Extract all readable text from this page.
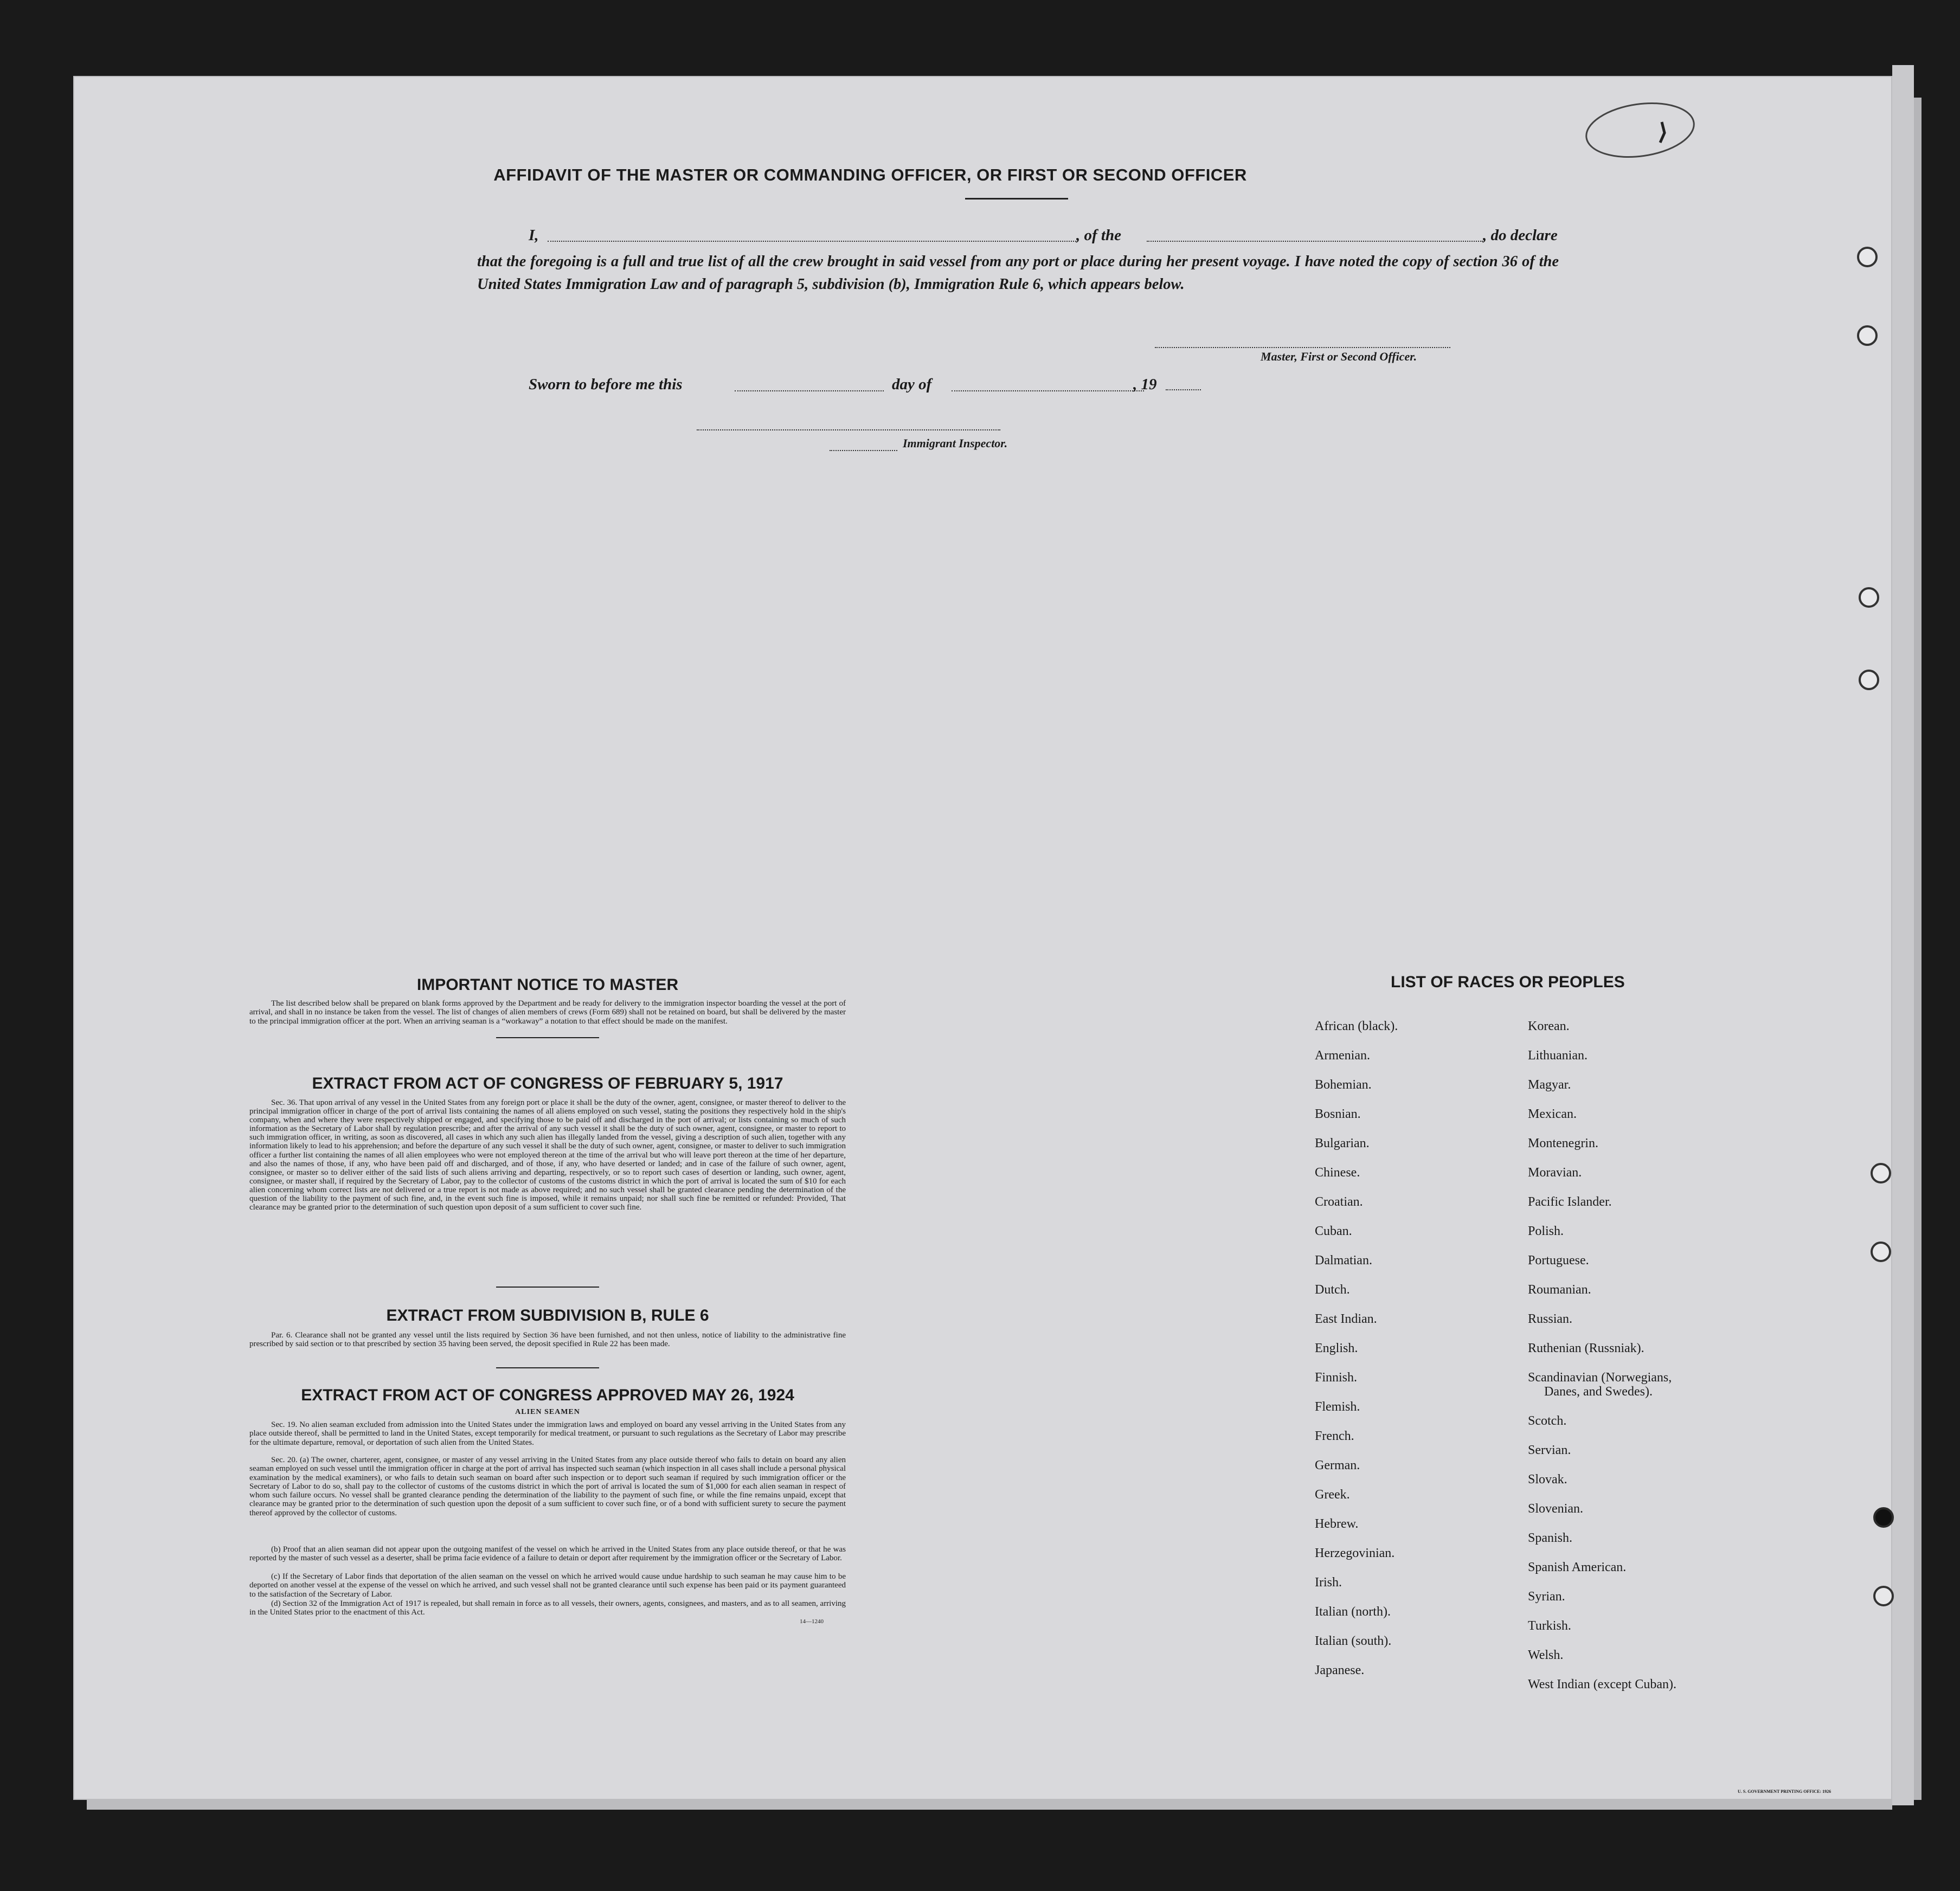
AFFIDAVIT OF THE MASTER OR COMMANDING OFFICER, OR FIRST OR SECOND OFFICER
I,	, of the	, do declare
that the foregoing is a full and true list of all the crew brought in said vessel from any port or place during her present voyage. I have noted the copy of section 36 of the United States Immigration Law and of paragraph 5, subdivision (b), Immigration Rule 6, which appears below.
Master, First or Second Officer.
Sworn to before me this	day of	, 19
Immigrant Inspector.
IMPORTANT NOTICE TO MASTER
The list described below shall be prepared on blank forms approved by the Department and be ready for delivery to the immigration inspector boarding the vessel at the port of arrival, and shall in no instance be taken from the vessel. The list of changes of alien members of crews (Form 689) shall not be retained on board, but shall be delivered by the master to the principal immigration officer at the port. When an arriving seaman is a “workaway” a notation to that effect should be made on the manifest.
EXTRACT FROM ACT OF CONGRESS OF FEBRUARY 5, 1917
Sec. 36. That upon arrival of any vessel in the United States from any foreign port or place it shall be the duty of the owner, agent, consignee, or master thereof to deliver to the principal immigration officer in charge of the port of arrival lists containing the names of all aliens employed on such vessel, stating the positions they respectively hold in the ship's company, when and where they were respectively shipped or engaged, and specifying those to be paid off and discharged in the port of arrival; or lists containing so much of such information as the Secretary of Labor shall by regulation prescribe; and after the arrival of any such vessel it shall be the duty of such owner, agent, consignee, or master to report to such immigration officer, in writing, as soon as discovered, all cases in which any such alien has illegally landed from the vessel, giving a description of such alien, together with any information likely to lead to his apprehension; and before the departure of any such vessel it shall be the duty of such owner, agent, consignee, or master to deliver to such immigration officer a further list containing the names of all alien employees who were not employed thereon at the time of the arrival but who will leave port thereon at the time of her departure, and also the names of those, if any, who have been paid off and discharged, and of those, if any, who have deserted or landed; and in case of the failure of such owner, agent, consignee, or master so to deliver either of the said lists of such aliens arriving and departing, respectively, or so to report such cases of desertion or landing, such owner, agent, consignee, or master shall, if required by the Secretary of Labor, pay to the collector of customs of the customs district in which the port of arrival is located the sum of $10 for each alien concerning whom correct lists are not delivered or a true report is not made as above required; and no such vessel shall be granted clearance pending the determination of the question of the liability to the payment of such fine, and, in the event such fine is imposed, while it remains unpaid; nor shall such fine be remitted or refunded: Provided, That clearance may be granted prior to the determination of such question upon deposit of a sum sufficient to cover such fine.
EXTRACT FROM SUBDIVISION B, RULE 6
Par. 6. Clearance shall not be granted any vessel until the lists required by Section 36 have been furnished, and not then unless, notice of liability to the administrative fine prescribed by said section or to that prescribed by section 35 having been served, the deposit specified in Rule 22 has been made.
EXTRACT FROM ACT OF CONGRESS APPROVED MAY 26, 1924
ALIEN SEAMEN
Sec. 19. No alien seaman excluded from admission into the United States under the immigration laws and employed on board any vessel arriving in the United States from any place outside thereof, shall be permitted to land in the United States, except temporarily for medical treatment, or pursuant to such regulations as the Secretary of Labor may prescribe for the ultimate departure, removal, or deportation of such alien from the United States.
Sec. 20. (a) The owner, charterer, agent, consignee, or master of any vessel arriving in the United States from any place outside thereof who fails to detain on board any alien seaman employed on such vessel until the immigration officer in charge at the port of arrival has inspected such seaman (which inspection in all cases shall include a personal physical examination by the medical examiners), or who fails to detain such seaman on board after such inspection or to deport such seaman if required by such immigration officer or the Secretary of Labor to do so, shall pay to the collector of customs of the customs district in which the port of arrival is located the sum of $1,000 for each alien seaman in respect of whom such failure occurs. No vessel shall be granted clearance pending the determination of the liability to the payment of such fine, or while the fine remains unpaid, except that clearance may be granted prior to the determination of such question upon the deposit of a sum sufficient to cover such fine, or of a bond with sufficient surety to secure the payment thereof approved by the collector of customs.
(b) Proof that an alien seaman did not appear upon the outgoing manifest of the vessel on which he arrived in the United States from any place outside thereof, or that he was reported by the master of such vessel as a deserter, shall be prima facie evidence of a failure to detain or deport after requirement by the immigration officer or the Secretary of Labor.
(c) If the Secretary of Labor finds that deportation of the alien seaman on the vessel on which he arrived would cause undue hardship to such seaman he may cause him to be deported on another vessel at the expense of the vessel on which he arrived, and such vessel shall not be granted clearance until such expense has been paid or its payment guaranteed to the satisfaction of the Secretary of Labor.
(d) Section 32 of the Immigration Act of 1917 is repealed, but shall remain in force as to all vessels, their owners, agents, consignees, and masters, and as to all seamen, arriving in the United States prior to the enactment of this Act.
14—1240
LIST OF RACES OR PEOPLES
U. S. GOVERNMENT PRINTING OFFICE: 1926
African (black).
Armenian.
Bohemian.
Bosnian.
Bulgarian.
Chinese.
Croatian.
Cuban.
Dalmatian.
Dutch.
East Indian.
English.
Finnish.
Flemish.
French.
German.
Greek.
Hebrew.
Herzegovinian.
Irish.
Italian (north).
Italian (south).
Japanese.
Korean.
Lithuanian.
Magyar.
Mexican.
Montenegrin.
Moravian.
Pacific Islander.
Polish.
Portuguese.
Roumanian.
Russian.
Ruthenian (Russniak).
Scandinavian (Norwegians,
Danes, and Swedes).
Scotch.
Servian.
Slovak.
Slovenian.
Spanish.
Spanish American.
Syrian.
Turkish.
Welsh.
West Indian (except Cuban).
